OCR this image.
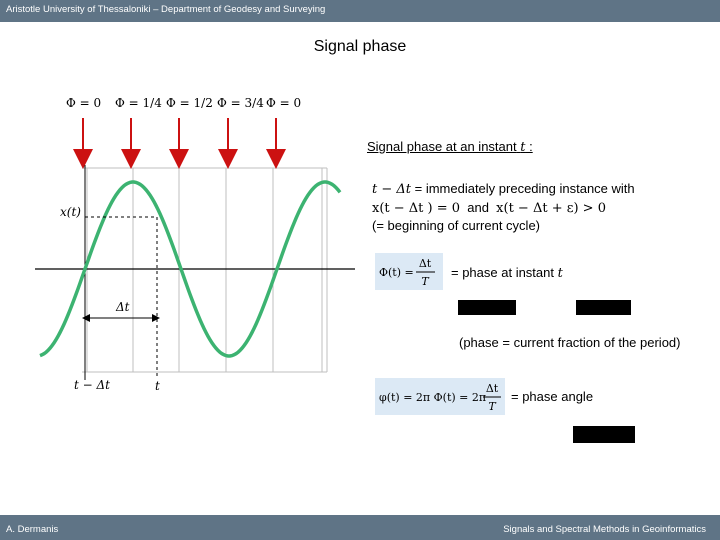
Aristotle University of Thessaloniki – Department of Geodesy and Surveying
Signal phase
Φ = 0 Φ = 1/4 Φ = 1/2 Φ = 3/4 Φ = 0
x(t)
Δt
t − Δt	t
Signal phase at an instant t :
t − Δt = immediately preceding instance with
x(t − Δt ) = 0  and  x(t − Δt + ε) > 0
(= beginning of current cycle)
Φ(t) =
Δt
T
= phase at instant t
(phase = current fraction of the period)
φ(t) = 2π Φ(t) = 2π
Δt
T
= phase angle
A. Dermanis	Signals and Spectral Methods in Geoinformatics
